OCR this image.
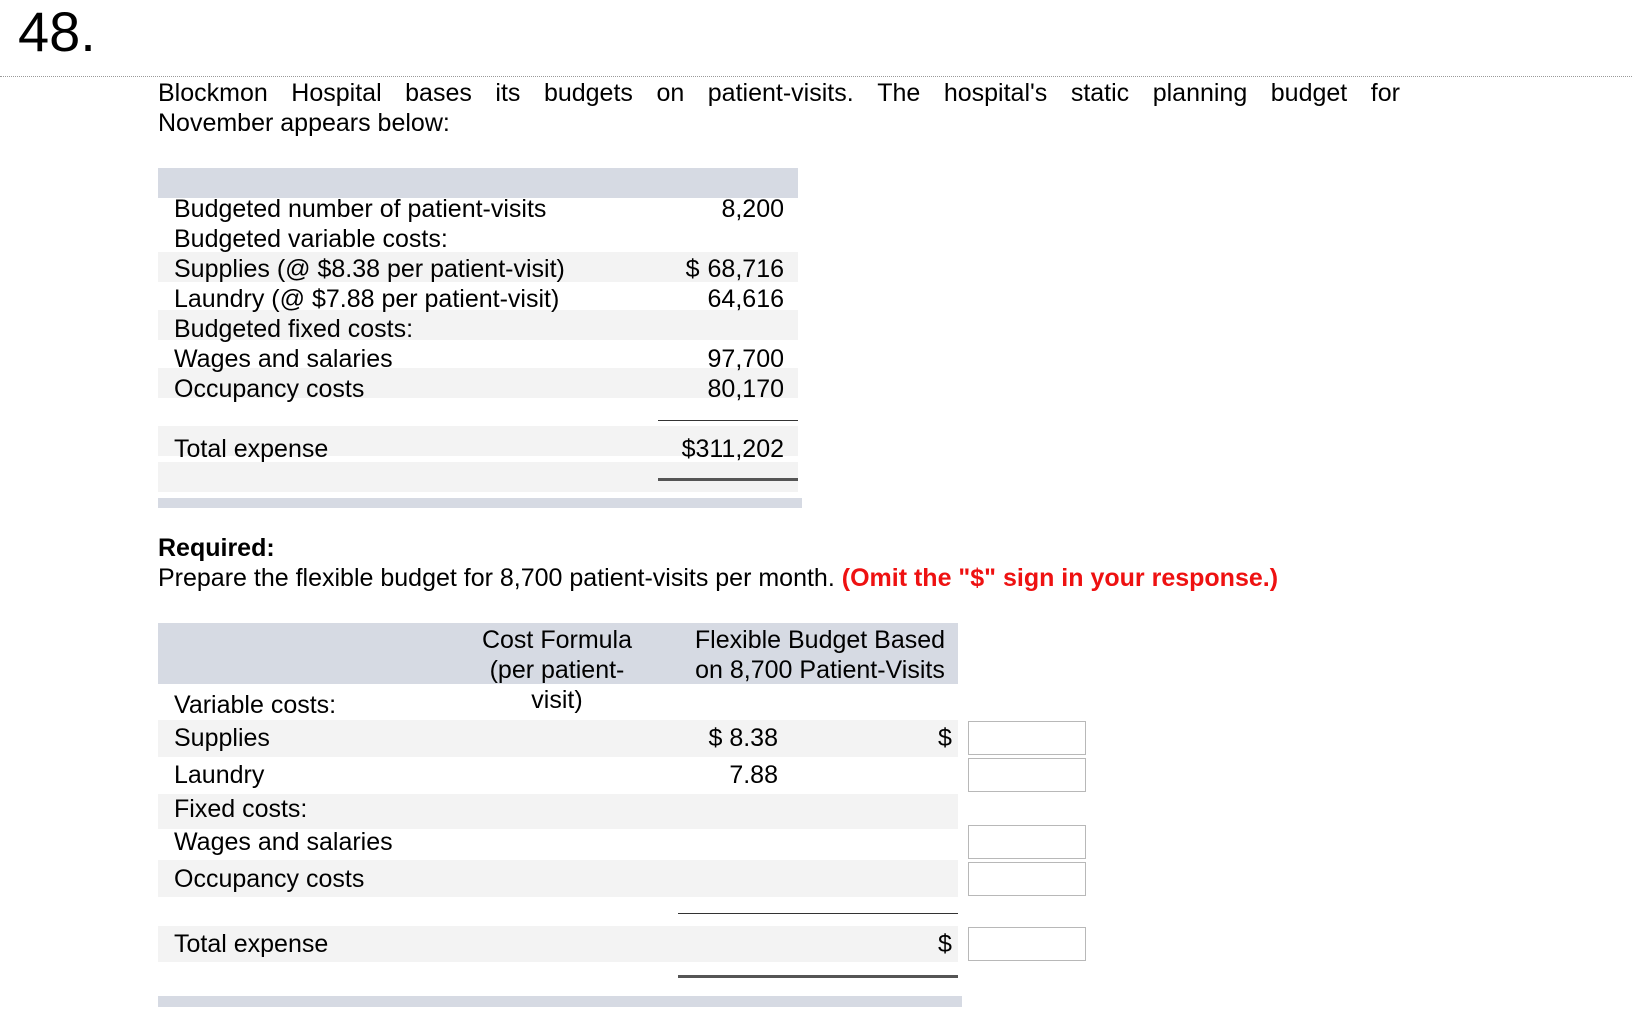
48.
Blockmon Hospital bases its budgets on patient-visits. The hospital's static planning budget for
November appears below:
Budgeted number of patient-visits	8,200
Budgeted variable costs:
Supplies (@ $8.38 per patient-visit)	$ 68,716
Laundry (@ $7.88 per patient-visit)	64,616
Budgeted fixed costs:
Wages and salaries	97,700
Occupancy costs	80,170
Total expense	$311,202
Required:
Prepare the flexible budget for 8,700 patient-visits per month. (Omit the "$" sign in your response.)
Cost Formula
(per patient-visit)
Flexible Budget Based
on 8,700 Patient-Visits
Variable costs:
Supplies	$ 8.38	$
Laundry	7.88
Fixed costs:
Wages and salaries
Occupancy costs
Total expense	$
